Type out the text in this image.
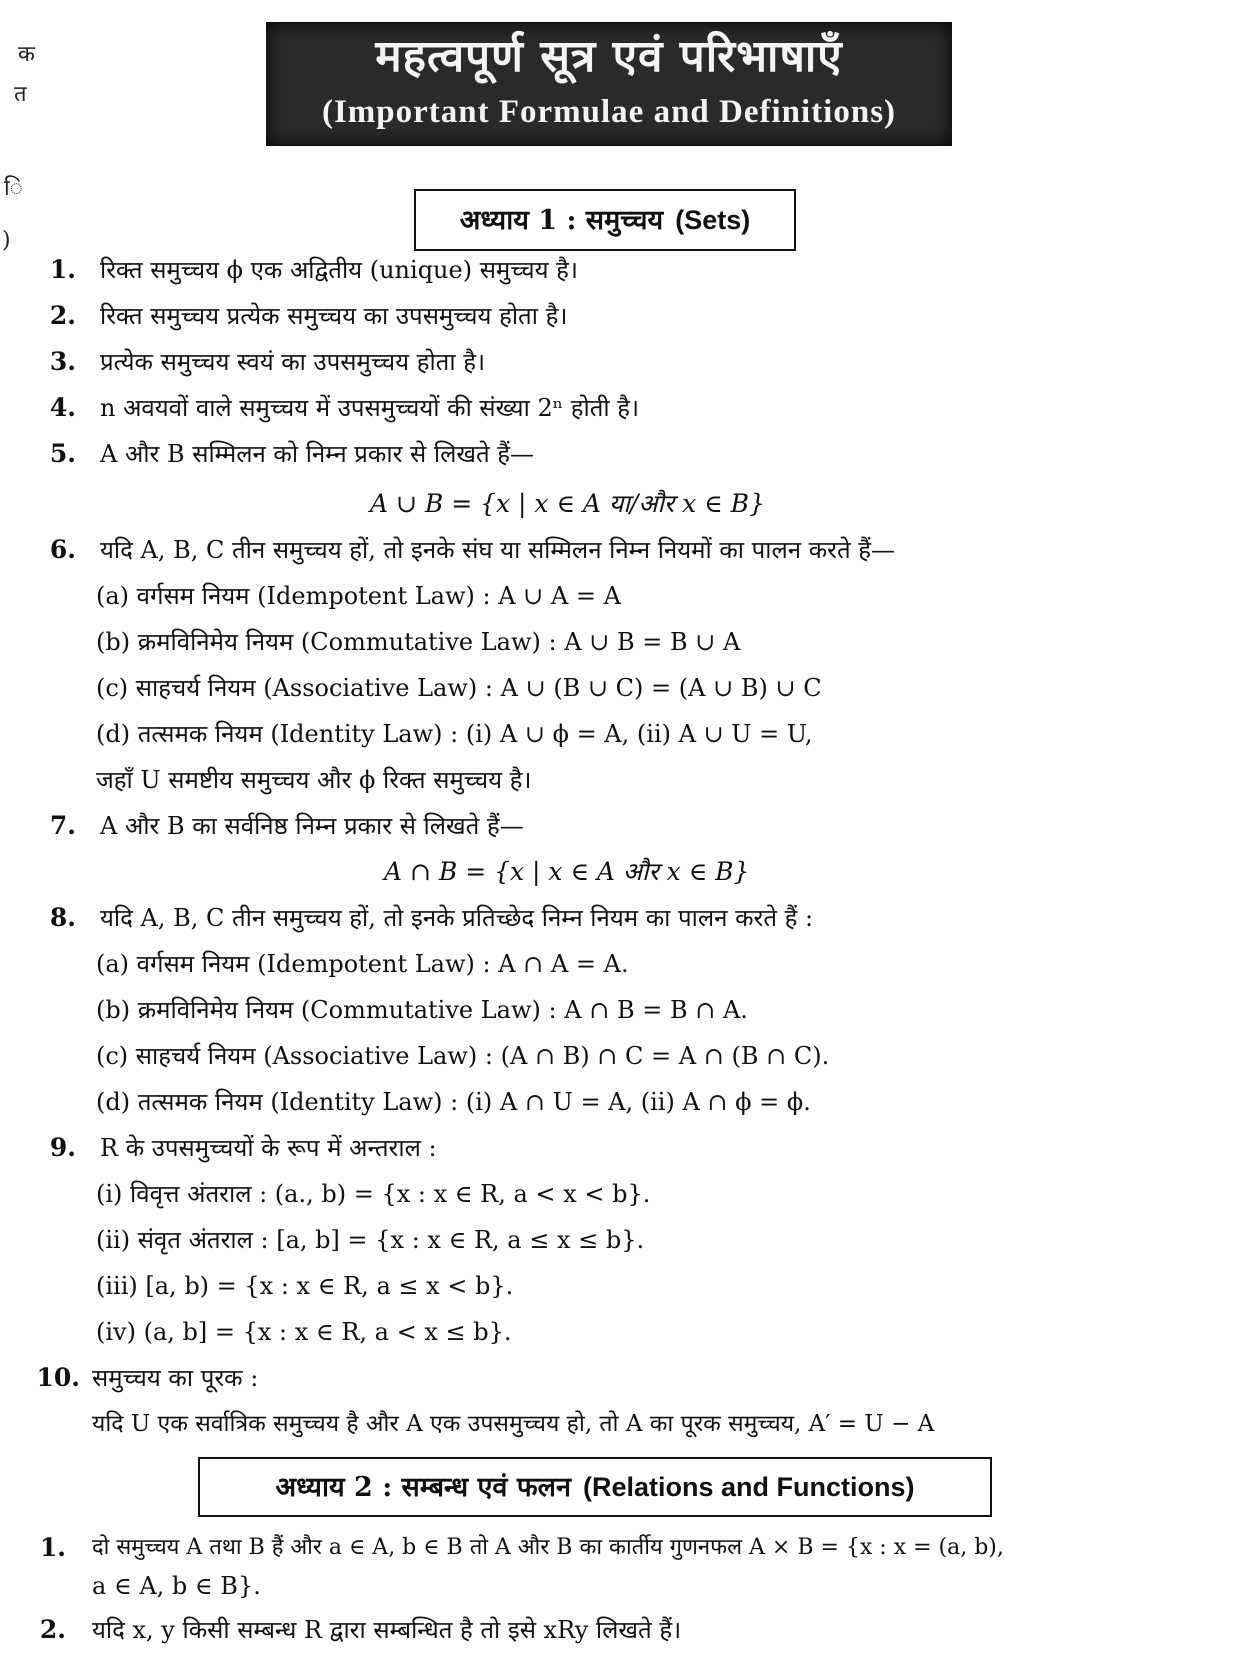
क
त
ि
)
महत्वपूर्ण सूत्र एवं परिभाषाएँ
(Important Formulae and Definitions)
अध्याय 1 : समुच्चय (Sets)
1. रिक्त समुच्चय ϕ एक अद्वितीय (unique) समुच्चय है।
2. रिक्त समुच्चय प्रत्येक समुच्चय का उपसमुच्चय होता है।
3. प्रत्येक समुच्चय स्वयं का उपसमुच्चय होता है।
4. n अवयवों वाले समुच्चय में उपसमुच्चयों की संख्या 2ⁿ होती है।
5. A और B सम्मिलन को निम्न प्रकार से लिखते हैं—
A ∪ B = {x | x ∈ A या/और x ∈ B}
6. यदि A, B, C तीन समुच्चय हों, तो इनके संघ या सम्मिलन निम्न नियमों का पालन करते हैं—
(a) वर्गसम नियम (Idempotent Law) : A ∪ A = A
(b) क्रमविनिमेय नियम (Commutative Law) : A ∪ B = B ∪ A
(c) साहचर्य नियम (Associative Law) : A ∪ (B ∪ C) = (A ∪ B) ∪ C
(d) तत्समक नियम (Identity Law) : (i) A ∪ ϕ = A, (ii) A ∪ U = U,
जहाँ U समष्टीय समुच्चय और ϕ रिक्त समुच्चय है।
7. A और B का सर्वनिष्ठ निम्न प्रकार से लिखते हैं—
A ∩ B = {x | x ∈ A और x ∈ B}
8. यदि A, B, C तीन समुच्चय हों, तो इनके प्रतिच्छेद निम्न नियम का पालन करते हैं :
(a) वर्गसम नियम (Idempotent Law) : A ∩ A = A.
(b) क्रमविनिमेय नियम (Commutative Law) : A ∩ B = B ∩ A.
(c) साहचर्य नियम (Associative Law) : (A ∩ B) ∩ C = A ∩ (B ∩ C).
(d) तत्समक नियम (Identity Law) : (i) A ∩ U = A, (ii) A ∩ ϕ = ϕ.
9. R के उपसमुच्चयों के रूप में अन्तराल :
(i) विवृत्त अंतराल : (a., b) = {x : x ∈ R, a < x < b}.
(ii) संवृत अंतराल : [a, b] = {x : x ∈ R, a ≤ x ≤ b}.
(iii) [a, b) = {x : x ∈ R, a ≤ x < b}.
(iv) (a, b] = {x : x ∈ R, a < x ≤ b}.
10. समुच्चय का पूरक :
यदि U एक सर्वात्रिक समुच्चय है और A एक उपसमुच्चय हो, तो A का पूरक समुच्चय, A′ = U − A
अध्याय 2 : सम्बन्ध एवं फलन (Relations and Functions)
1. दो समुच्चय A तथा B हैं और a ∈ A, b ∈ B तो A और B का कार्तीय गुणनफल A × B = {x : x = (a, b),
a ∈ A, b ∈ B}.
2. यदि x, y किसी सम्बन्ध R द्वारा सम्बन्धित है तो इसे xRy लिखते हैं।
